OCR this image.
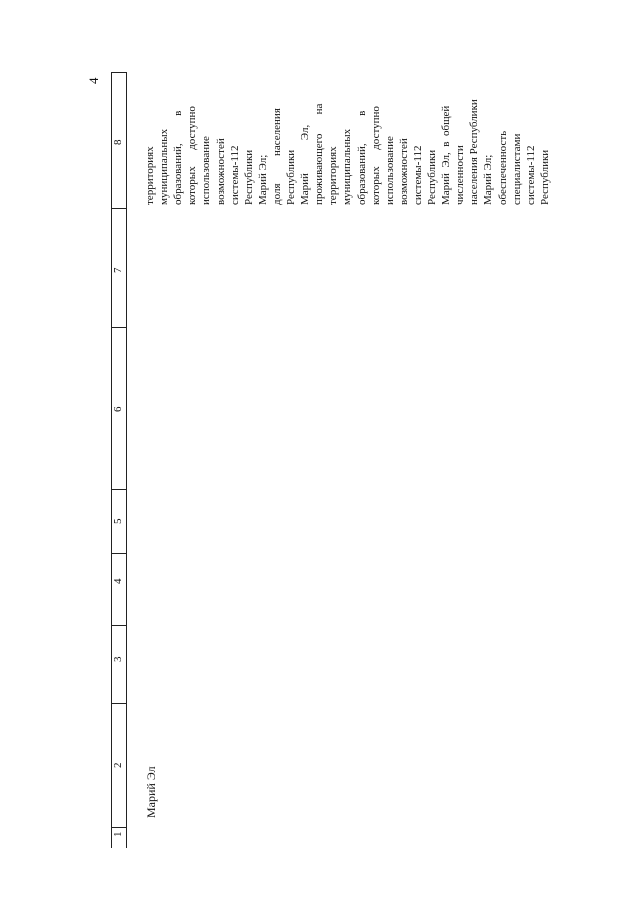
4
1
2
3
4
5
6
7
8
Марий Эл
территориях муниципальных образований,          в которых      доступно использование возможностей системы-112 Республики Марий Эл; доля          населения Республики Марий            Эл, проживающего       на территориях муниципальных образований,          в которых      доступно использование возможностей системы-112 Республики Марий  Эл,  в  общей численности населения Республики Марий Эл; обеспеченность специалистами системы-112 Республики
